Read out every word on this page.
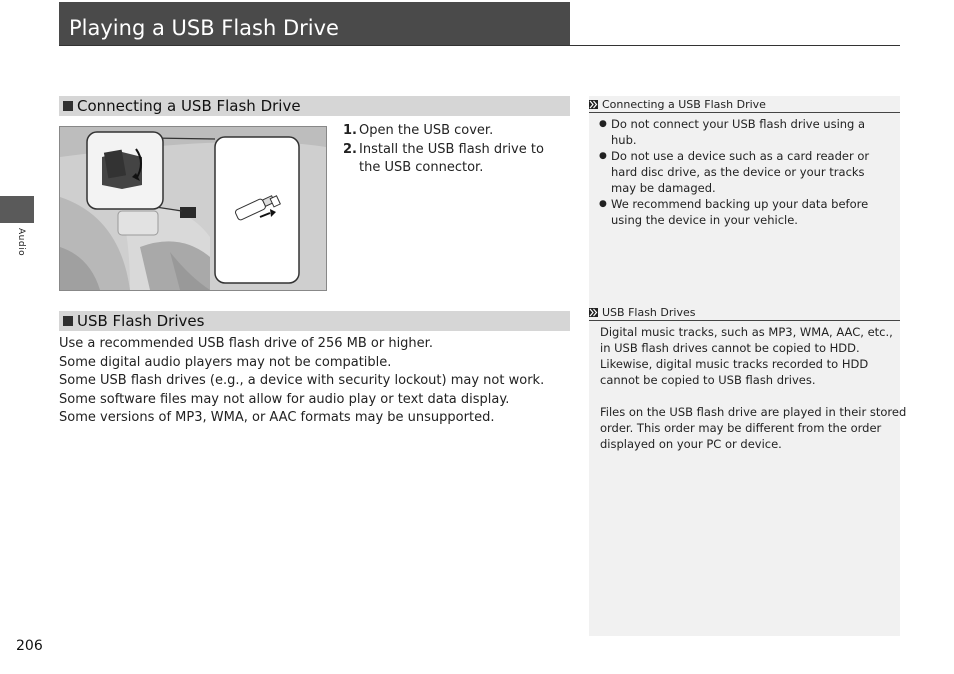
Playing a USB Flash Drive
Audio
Connecting a USB Flash Drive
1. Open the USB cover.
2. Install the USB flash drive to the USB connector.
USB Flash Drives
Use a recommended USB flash drive of 256 MB or higher.
Some digital audio players may not be compatible.
Some USB flash drives (e.g., a device with security lockout) may not work.
Some software files may not allow for audio play or text data display.
Some versions of MP3, WMA, or AAC formats may be unsupported.
Connecting a USB Flash Drive
● Do not connect your USB flash drive using a hub.
● Do not use a device such as a card reader or hard disc drive, as the device or your tracks may be damaged.
● We recommend backing up your data before using the device in your vehicle.
USB Flash Drives
Digital music tracks, such as MP3, WMA, AAC, etc.,
in USB flash drives cannot be copied to HDD.
Likewise, digital music tracks recorded to HDD
cannot be copied to USB flash drives.
Files on the USB flash drive are played in their stored
order. This order may be different from the order
displayed on your PC or device.
206
